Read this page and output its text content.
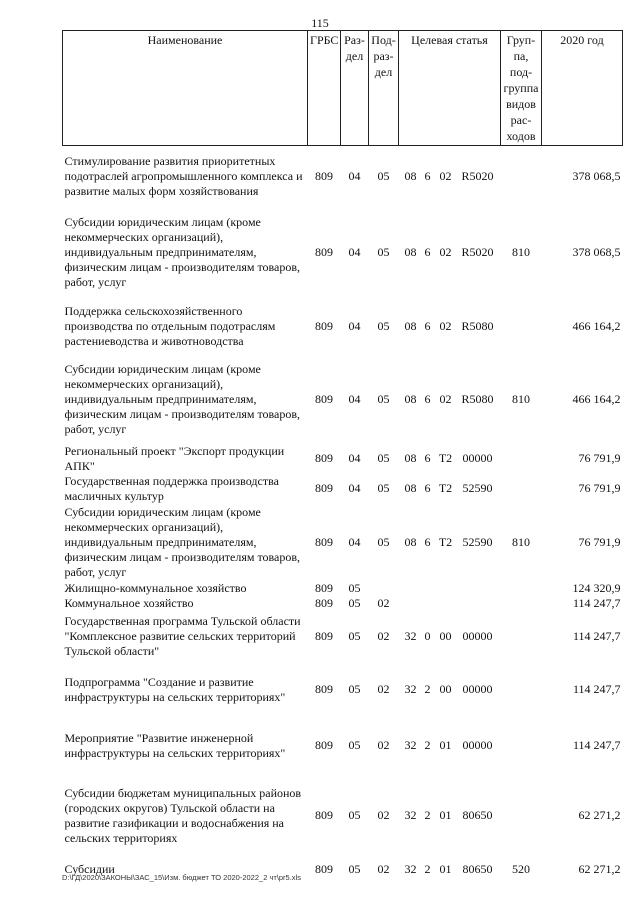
115
Наименование	ГРБС	Раз-дел	Под-раз-дел	Целевая статья	Груп-па, под-группа видов рас-ходов	2020 год
Стимулирование развития приоритетных подотраслей агропромышленного комплекса и развитие малых форм хозяйствования	809	04	05	08 6 02 R5020		378 068,5
Субсидии юридическим лицам (кроме некоммерческих организаций), индивидуальным предпринимателям, физическим лицам - производителям товаров, работ, услуг	809	04	05	08 6 02 R5020	810	378 068,5
Поддержка сельскохозяйственного производства по отдельным подотраслям растениеводства и животноводства	809	04	05	08 6 02 R5080		466 164,2
Субсидии юридическим лицам (кроме некоммерческих организаций), индивидуальным предпринимателям, физическим лицам - производителям товаров, работ, услуг	809	04	05	08 6 02 R5080	810	466 164,2
Региональный проект "Экспорт продукции АПК"	809	04	05	08 6 T2 00000		76 791,9
Государственная поддержка производства масличных культур	809	04	05	08 6 T2 52590		76 791,9
Субсидии юридическим лицам (кроме некоммерческих организаций), индивидуальным предпринимателям, физическим лицам - производителям товаров, работ, услуг	809	04	05	08 6 T2 52590	810	76 791,9
Жилищно-коммунальное хозяйство	809	05				124 320,9
Коммунальное хозяйство	809	05	02			114 247,7
Государственная программа Тульской области "Комплексное развитие сельских территорий Тульской области"	809	05	02	32 0 00 00000		114 247,7
Подпрограмма "Создание и развитие инфраструктуры на сельских территориях"	809	05	02	32 2 00 00000		114 247,7
Мероприятие "Развитие инженерной инфраструктуры на сельских территориях"	809	05	02	32 2 01 00000		114 247,7
Субсидии бюджетам муниципальных районов (городских округов) Тульской области на развитие газификации и водоснабжения на сельских территориях	809	05	02	32 2 01 80650		62 271,2
Субсидии	809	05	02	32 2 01 80650	520	62 271,2
D:\ГД\2020\ЗАКОНЫ\ЗАС_15\Изм. бюджет ТО 2020-2022_2 чт\pr5.xls
